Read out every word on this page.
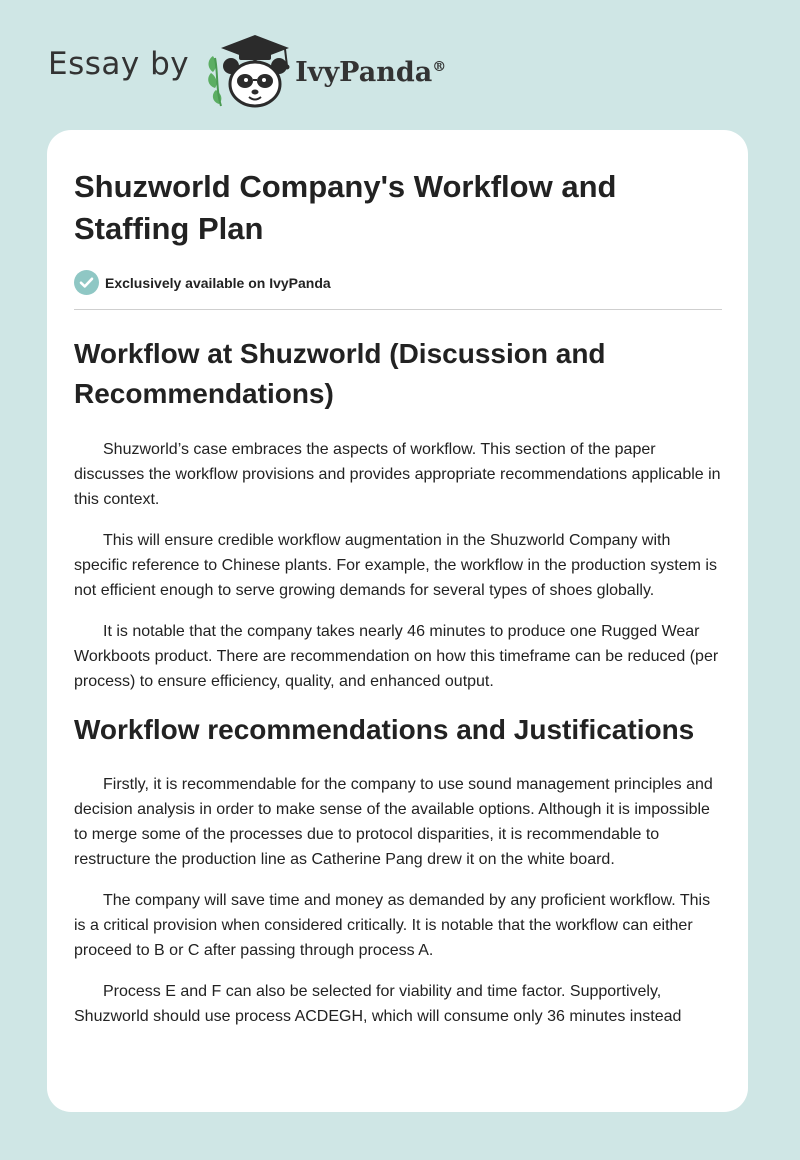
Essay by	IvyPanda®
Shuzworld Company's Workflow and Staffing Plan
Exclusively available on IvyPanda
Workflow at Shuzworld (Discussion and Recommendations)

Shuzworld’s case embraces the aspects of workflow. This section of the paper discusses the workflow provisions and provides appropriate recommendations applicable in this context.

This will ensure credible workflow augmentation in the Shuzworld Company with specific reference to Chinese plants. For example, the workflow in the production system is not efficient enough to serve growing demands for several types of shoes globally.

It is notable that the company takes nearly 46 minutes to produce one Rugged Wear Workboots product. There are recommendation on how this timeframe can be reduced (per process) to ensure efficiency, quality, and enhanced output.

Workflow recommendations and Justifications

Firstly, it is recommendable for the company to use sound management principles and decision analysis in order to make sense of the available options. Although it is impossible to merge some of the processes due to protocol disparities, it is recommendable to restructure the production line as Catherine Pang drew it on the white board.

The company will save time and money as demanded by any proficient workflow. This is a critical provision when considered critically. It is notable that the workflow can either proceed to B or C after passing through process A.

Process E and F can also be selected for viability and time factor. Supportively, Shuzworld should use process ACDEGH, which will consume only 36 minutes instead
